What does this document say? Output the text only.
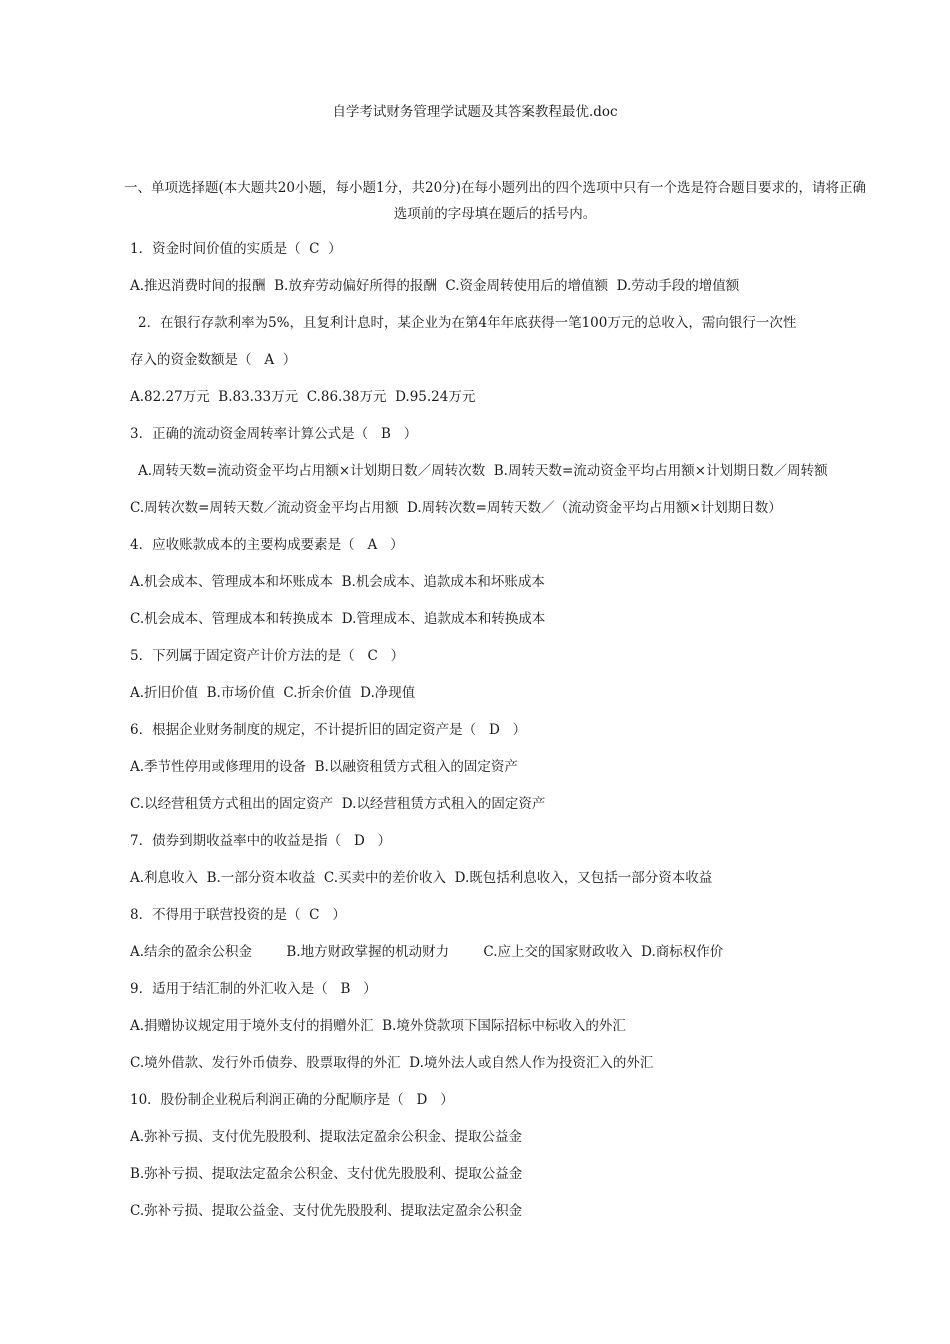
自学考试财务管理学试题及其答案教程最优.doc
一、单项选择题(本大题共20小题，每小题1分，共20分)在每小题列出的四个选项中只有一个选是符合题目要求的，请将正确选项前的字母填在题后的括号内。
1．资金时间价值的实质是（  C  ）
A.推迟消费时间的报酬  B.放弃劳动偏好所得的报酬  C.资金周转使用后的增值额  D.劳动手段的增值额
2．在银行存款利率为5%，且复利计息时，某企业为在第4年年底获得一笔100万元的总收入，需向银行一次性
存入的资金数额是（   A  ）
A.82.27万元  B.83.33万元  C.86.38万元  D.95.24万元
3．正确的流动资金周转率计算公式是（   B   ）
A.周转天数=流动资金平均占用额×计划期日数／周转次数  B.周转天数=流动资金平均占用额×计划期日数／周转额
C.周转次数=周转天数／流动资金平均占用额  D.周转次数=周转天数／（流动资金平均占用额×计划期日数）
4．应收账款成本的主要构成要素是（   A   ）
A.机会成本、管理成本和坏账成本  B.机会成本、追款成本和坏账成本
C.机会成本、管理成本和转换成本  D.管理成本、追款成本和转换成本
5．下列属于固定资产计价方法的是（   C   ）
A.折旧价值  B.市场价值  C.折余价值  D.净现值
6．根据企业财务制度的规定，不计提折旧的固定资产是（   D   ）
A.季节性停用或修理用的设备  B.以融资租赁方式租入的固定资产
C.以经营租赁方式租出的固定资产  D.以经营租赁方式租入的固定资产
7．债券到期收益率中的收益是指（   D   ）
A.利息收入  B.一部分资本收益  C.买卖中的差价收入  D.既包括利息收入，又包括一部分资本收益
8．不得用于联营投资的是（  C   ）
A.结余的盈余公积金        B.地方财政掌握的机动财力        C.应上交的国家财政收入  D.商标权作价
9．适用于结汇制的外汇收入是（   B   ）
A.捐赠协议规定用于境外支付的捐赠外汇  B.境外贷款项下国际招标中标收入的外汇
C.境外借款、发行外币债券、股票取得的外汇  D.境外法人或自然人作为投资汇入的外汇
10．股份制企业税后利润正确的分配顺序是（   D   ）
A.弥补亏损、支付优先股股利、提取法定盈余公积金、提取公益金
B.弥补亏损、提取法定盈余公积金、支付优先股股利、提取公益金
C.弥补亏损、提取公益金、支付优先股股利、提取法定盈余公积金
